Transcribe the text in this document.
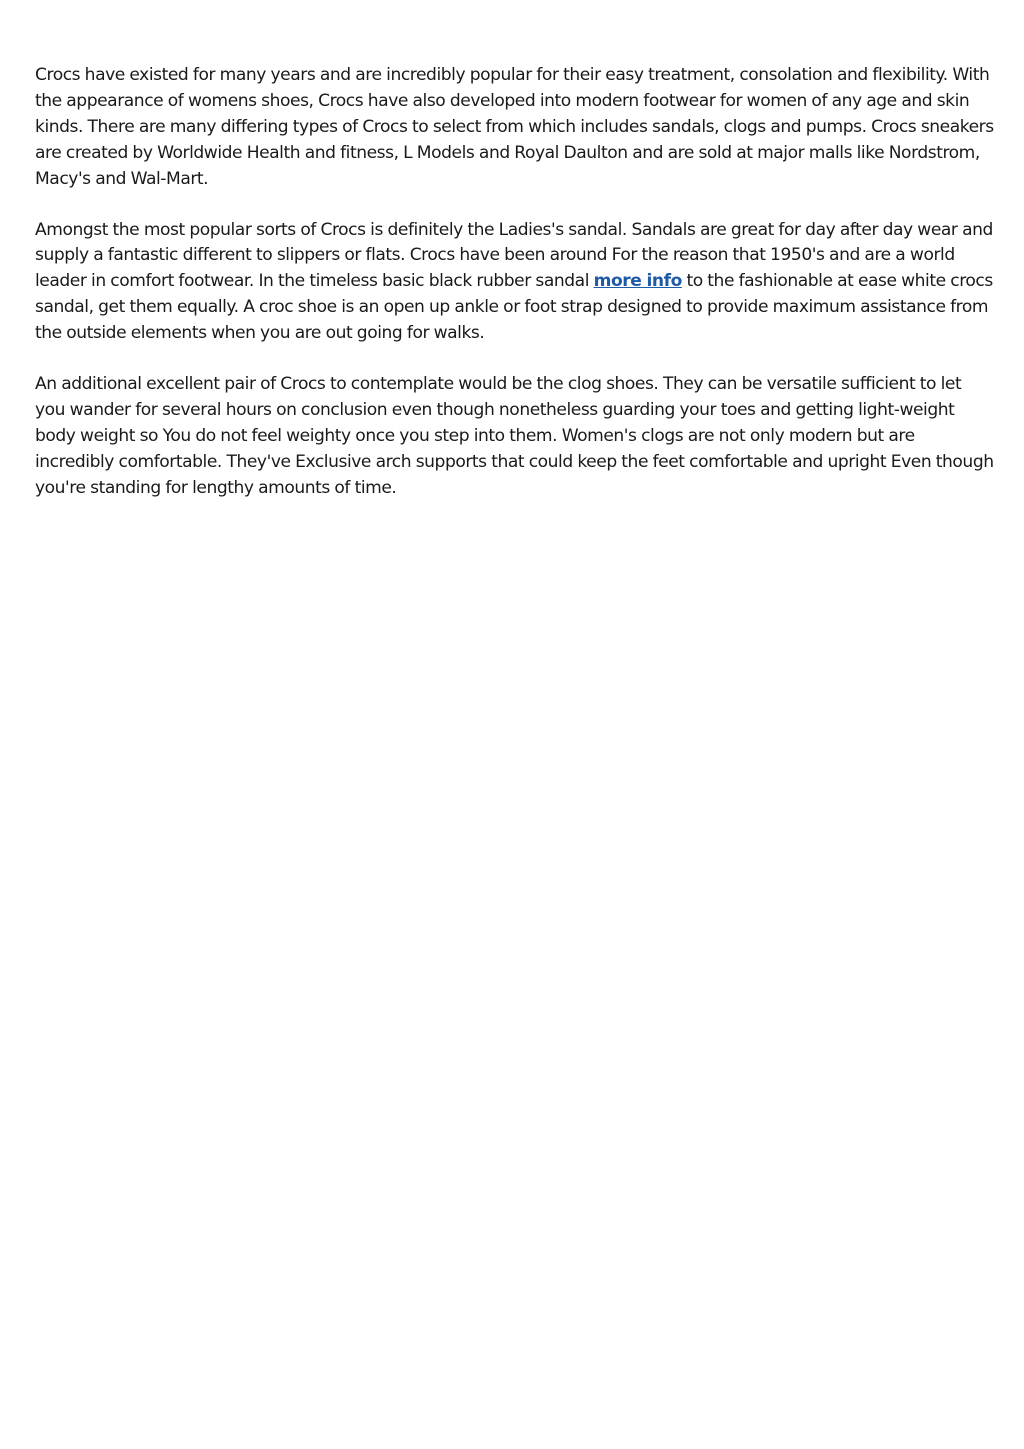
Crocs have existed for many years and are incredibly popular for their easy treatment, consolation and flexibility. With the appearance of womens shoes, Crocs have also developed into modern footwear for women of any age and skin kinds. There are many differing types of Crocs to select from which includes sandals, clogs and pumps. Crocs sneakers are created by Worldwide Health and fitness, L Models and Royal Daulton and are sold at major malls like Nordstrom, Macy's and Wal-Mart.

Amongst the most popular sorts of Crocs is definitely the Ladies's sandal. Sandals are great for day after day wear and supply a fantastic different to slippers or flats. Crocs have been around For the reason that 1950's and are a world leader in comfort footwear. In the timeless basic black rubber sandal more info to the fashionable at ease white crocs sandal, get them equally. A croc shoe is an open up ankle or foot strap designed to provide maximum assistance from the outside elements when you are out going for walks.

An additional excellent pair of Crocs to contemplate would be the clog shoes. They can be versatile sufficient to let you wander for several hours on conclusion even though nonetheless guarding your toes and getting light-weight body weight so You do not feel weighty once you step into them. Women's clogs are not only modern but are incredibly comfortable. They've Exclusive arch supports that could keep the feet comfortable and upright Even though you're standing for lengthy amounts of time.
